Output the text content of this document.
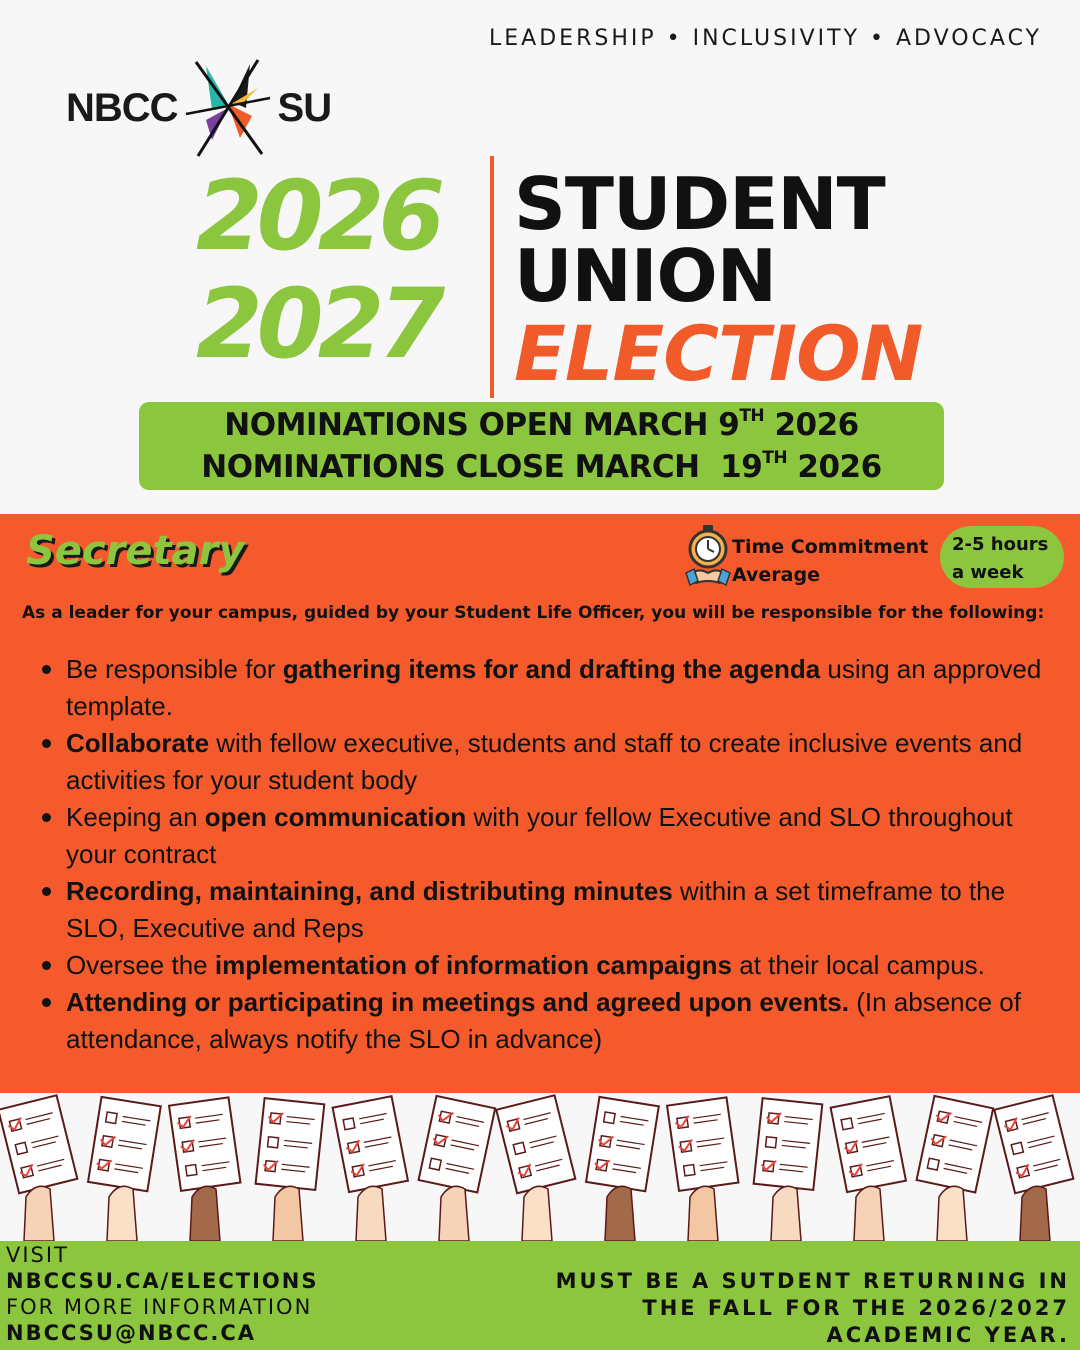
LEADERSHIP • INCLUSIVITY • ADVOCACY
NBCC	SU
2026
2027
STUDENT
UNION
ELECTION
NOMINATIONS OPEN MARCH 9TH 2026
NOMINATIONS CLOSE MARCH  19TH 2026
Secretary	Time Commitment
Average
2-5 hours
a week
As a leader for your campus, guided by your Student Life Officer, you will be responsible for the following:
Be responsible for gathering items for and drafting the agenda using an approved template.
Collaborate with fellow executive, students and staff to create inclusive events and activities for your student body
Keeping an open communication with your fellow Executive and SLO throughout your contract
Recording, maintaining, and distributing minutes within a set timeframe to the SLO, Executive and Reps
Oversee the implementation of information campaigns at their local campus.
Attending or participating in meetings and agreed upon events. (In absence of attendance, always notify the SLO in advance)
VISIT
NBCCSU.CA/ELECTIONS
FOR MORE INFORMATION
NBCCSU@NBCC.CA
MUST BE A SUTDENT RETURNING IN
THE FALL FOR THE 2026/2027
ACADEMIC YEAR.
